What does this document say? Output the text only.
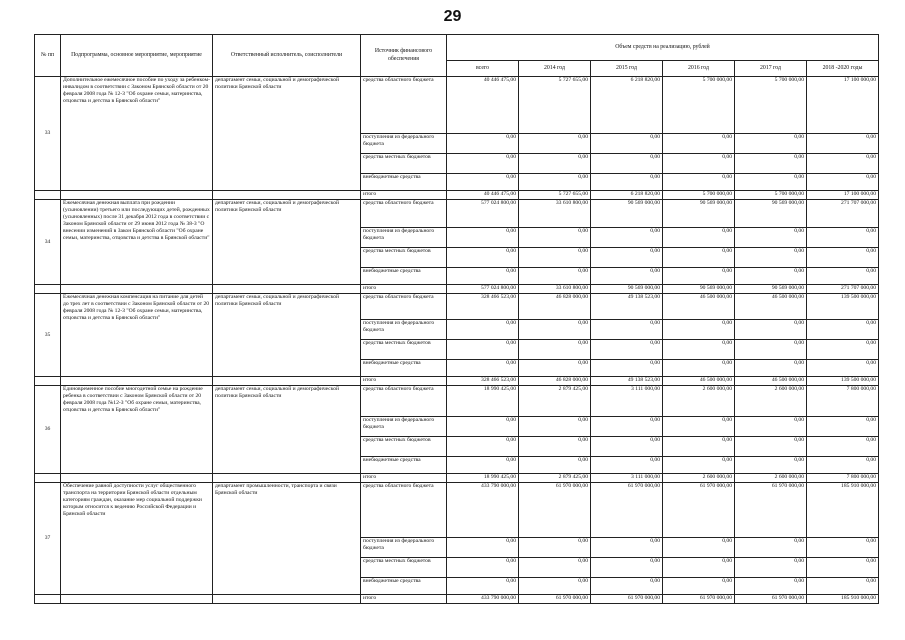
29
№ пп	Подпрограмма, основное мероприятие, мероприятие	Ответственный исполнитель, соисполнители	Источник финансового обеспечения	Объем средств на реализацию, рублей					
				всего	2014 год	2015 год	2016 год	2017 год	2018 -2020 годы
33	Дополнительное ежемесячное пособие по уходу за ребенком-инвалидом в соответствии с Законом Брянской области от 20 февраля 2008 года № 12-З "Об охране семьи, материнства, отцовства и детства в Брянской области"	департамент семьи, социальной и демографической политики Брянской области	средства областного бюджета	40 446 475,00	5 727 655,00	6 218 820,00	5 700 000,00	5 700 000,00	17 100 000,00
			поступления из федерального бюджета	0,00	0,00	0,00	0,00	0,00	0,00
			средства местных бюджетов	0,00	0,00	0,00	0,00	0,00	0,00
			внебюджетные средства	0,00	0,00	0,00	0,00	0,00	0,00
			итого	40 446 475,00	5 727 655,00	6 218 820,00	5 700 000,00	5 700 000,00	17 100 000,00
34	Ежемесячная денежная выплата при рождении (усыновлении) третьего или последующих детей, рожденных (усыновленных) после 31 декабря 2012 года в соответствии с Законом Брянской области от 29 июня 2012 года № 38-З "О внесении изменений в Закон Брянской области "Об охране семьи, материнства, отцовства и детства в Брянской области"	департамент семьи, социальной и демографической политики Брянской области	средства областного бюджета	577 024 800,00	33 610 800,00	90 569 000,00	90 569 000,00	90 569 000,00	271 707 000,00
			поступления из федерального бюджета	0,00	0,00	0,00	0,00	0,00	0,00
			средства местных бюджетов	0,00	0,00	0,00	0,00	0,00	0,00
			внебюджетные средства	0,00	0,00	0,00	0,00	0,00	0,00
			итого	577 024 800,00	33 610 800,00	90 569 000,00	90 569 000,00	90 569 000,00	271 707 000,00
35	Ежемесячная денежная компенсация на питание для детей до трех лет в соответствии с Законом Брянской области от 20 февраля 2008 года № 12-З "Об охране семьи, материнства, отцовства и детства в Брянской области"	департамент семьи, социальной и демографической политики Брянской области	средства областного бюджета	328 466 523,00	46 828 000,00	49 138 523,00	46 500 000,00	46 500 000,00	139 500 000,00
			поступления из федерального бюджета	0,00	0,00	0,00	0,00	0,00	0,00
			средства местных бюджетов	0,00	0,00	0,00	0,00	0,00	0,00
			внебюджетные средства	0,00	0,00	0,00	0,00	0,00	0,00
			итого	328 466 523,00	46 828 000,00	49 138 523,00	46 500 000,00	46 500 000,00	139 500 000,00
36	Единовременное пособие многодетной семье на рождение ребенка в соответствии с Законом Брянской области от 20 февраля 2008 года №12-З "Об охране семьи, материнства, отцовства и детства в Брянской области"	департамент семьи, социальной и демографической политики Брянской области	средства областного бюджета	18 990 425,00	2 879 425,00	3 111 000,00	2 600 000,00	2 600 000,00	7 800 000,00
			поступления из федерального бюджета	0,00	0,00	0,00	0,00	0,00	0,00
			средства местных бюджетов	0,00	0,00	0,00	0,00	0,00	0,00
			внебюджетные средства	0,00	0,00	0,00	0,00	0,00	0,00
			итого	18 990 425,00	2 879 425,00	3 111 000,00	2 600 000,00	2 600 000,00	7 800 000,00
37	Обеспечение равной доступности услуг общественного транспорта на территории Брянской области отдельным категориям граждан, оказание мер социальной поддержки которым относится к ведению Российской Федерации и Брянской области	департамент промышленности, транспорта и связи Брянской области	средства областного бюджета	433 790 000,00	61 970 000,00	61 970 000,00	61 970 000,00	61 970 000,00	185 910 000,00
			поступления из федерального бюджета	0,00	0,00	0,00	0,00	0,00	0,00
			средства местных бюджетов	0,00	0,00	0,00	0,00	0,00	0,00
			внебюджетные средства	0,00	0,00	0,00	0,00	0,00	0,00
			итого	433 790 000,00	61 970 000,00	61 970 000,00	61 970 000,00	61 970 000,00	185 910 000,00
